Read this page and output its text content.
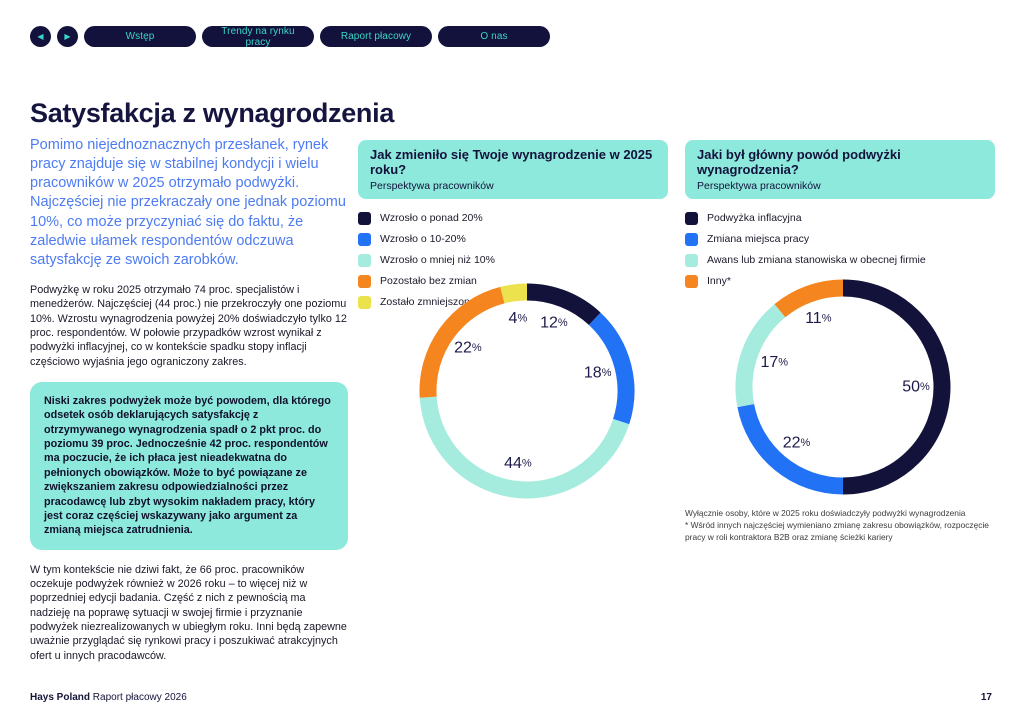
◀	▶	Wstęp	Trendy na rynku pracy	Raport płacowy	O nas
Satysfakcja z wynagrodzenia

Pomimo niejednoznacznych przesłanek, rynek pracy znajduje się w stabilnej kondycji i wielu pracowników w 2025 otrzymało podwyżki. Najczęściej nie przekraczały one jednak poziomu 10%, co może przyczyniać się do faktu, że zaledwie ułamek respondentów odczuwa satysfakcję ze swoich zarobków.

Podwyżkę w roku 2025 otrzymało 74 proc. specjalistów i menedżerów. Najczęściej (44 proc.) nie przekroczyły one poziomu 10%. Wzrostu wynagrodzenia powyżej 20% doświadczyło tylko 12 proc. respondentów. W połowie przypadków wzrost wynikał z podwyżki inflacyjnej, co w kontekście spadku stopy inflacji częściowo wyjaśnia jego ograniczony zakres.

Niski zakres podwyżek może być powodem, dla którego odsetek osób deklarujących satysfakcję z otrzymywanego wynagrodzenia spadł o 2 pkt proc. do poziomu 39 proc. Jednocześnie 42 proc. respondentów ma poczucie, że ich płaca jest nieadekwatna do pełnionych obowiązków. Może to być powiązane ze zwiększaniem zakresu odpowiedzialności przez pracodawcę lub zbyt wysokim nakładem pracy, który jest coraz częściej wskazywany jako argument za zmianą miejsca zatrudnienia.

W tym kontekście nie dziwi fakt, że 66 proc. pracowników oczekuje podwyżek również w 2026 roku – to więcej niż w poprzedniej edycji badania. Część z nich z pewnością ma nadzieję na poprawę sytuacji w swojej firmie i przyznanie podwyżek niezrealizowanych w ubiegłym roku. Inni będą zapewne uważnie przyglądać się rynkowi pracy i poszukiwać atrakcyjnych ofert u innych pracodawców.

Jak zmieniło się Twoje wynagrodzenie w 2025 roku?
Perspektywa pracowników
Wzrosło o ponad 20%
Wzrosło o 10-20%
Wzrosło o mniej niż 10%
Pozostało bez zmian
Zostało zmniejszone
12%
18%
44%
22%
4%
Jaki był główny powód podwyżki wynagrodzenia?
Perspektywa pracowników
Podwyżka inflacyjna
Zmiana miejsca pracy
Awans lub zmiana stanowiska w obecnej firmie
Inny*
50%
22%
17%
11%
Wyłącznie osoby, które w 2025 roku doświadczyły podwyżki wynagrodzenia
* Wśród innych najczęściej wymieniano zmianę zakresu obowiązków, rozpoczęcie pracy w roli kontraktora B2B oraz zmianę ścieżki kariery
Hays Poland Raport płacowy 2026	17
